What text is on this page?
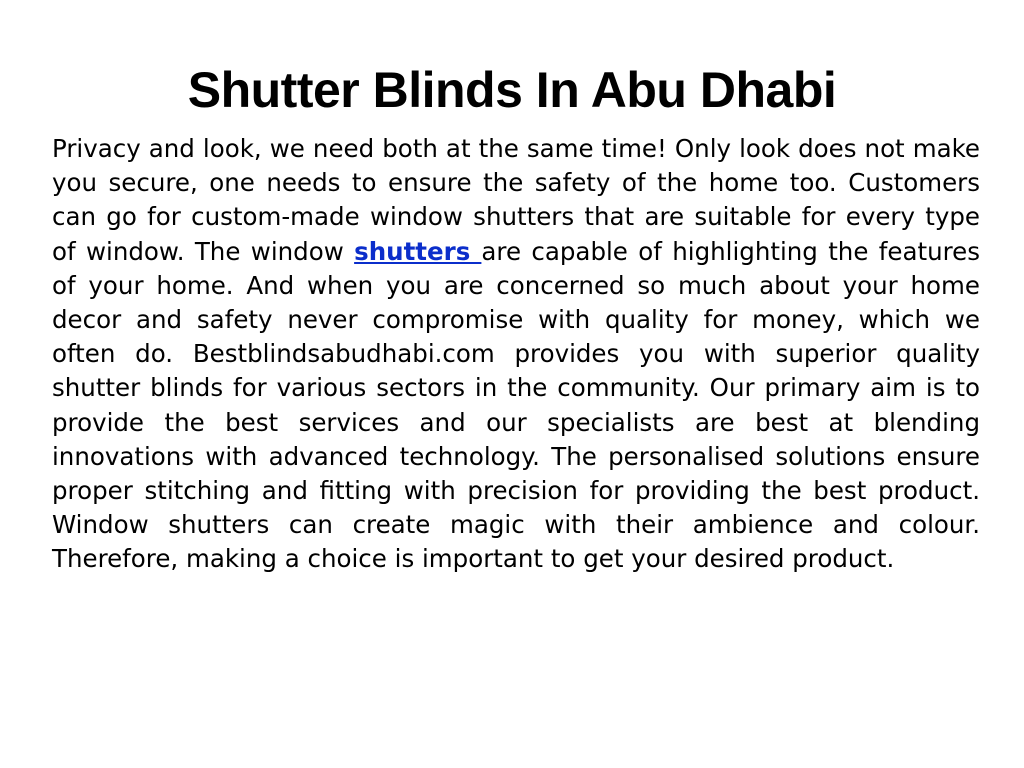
Shutter Blinds In Abu Dhabi

Privacy and look, we need both at the same time! Only look does not make you secure, one needs to ensure the safety of the home too. Customers can go for custom-made window shutters that are suitable for every type of window. The window shutters are capable of highlighting the features of your home. And when you are concerned so much about your home decor and safety never compromise with quality for money, which we often do. Bestblindsabudhabi.com provides you with superior quality shutter blinds for various sectors in the community. Our primary aim is to provide the best services and our specialists are best at blending innovations with advanced technology. The personalised solutions ensure proper stitching and fitting with precision for providing the best product. Window shutters can create magic with their ambience and colour. Therefore, making a choice is important to get your desired product.
